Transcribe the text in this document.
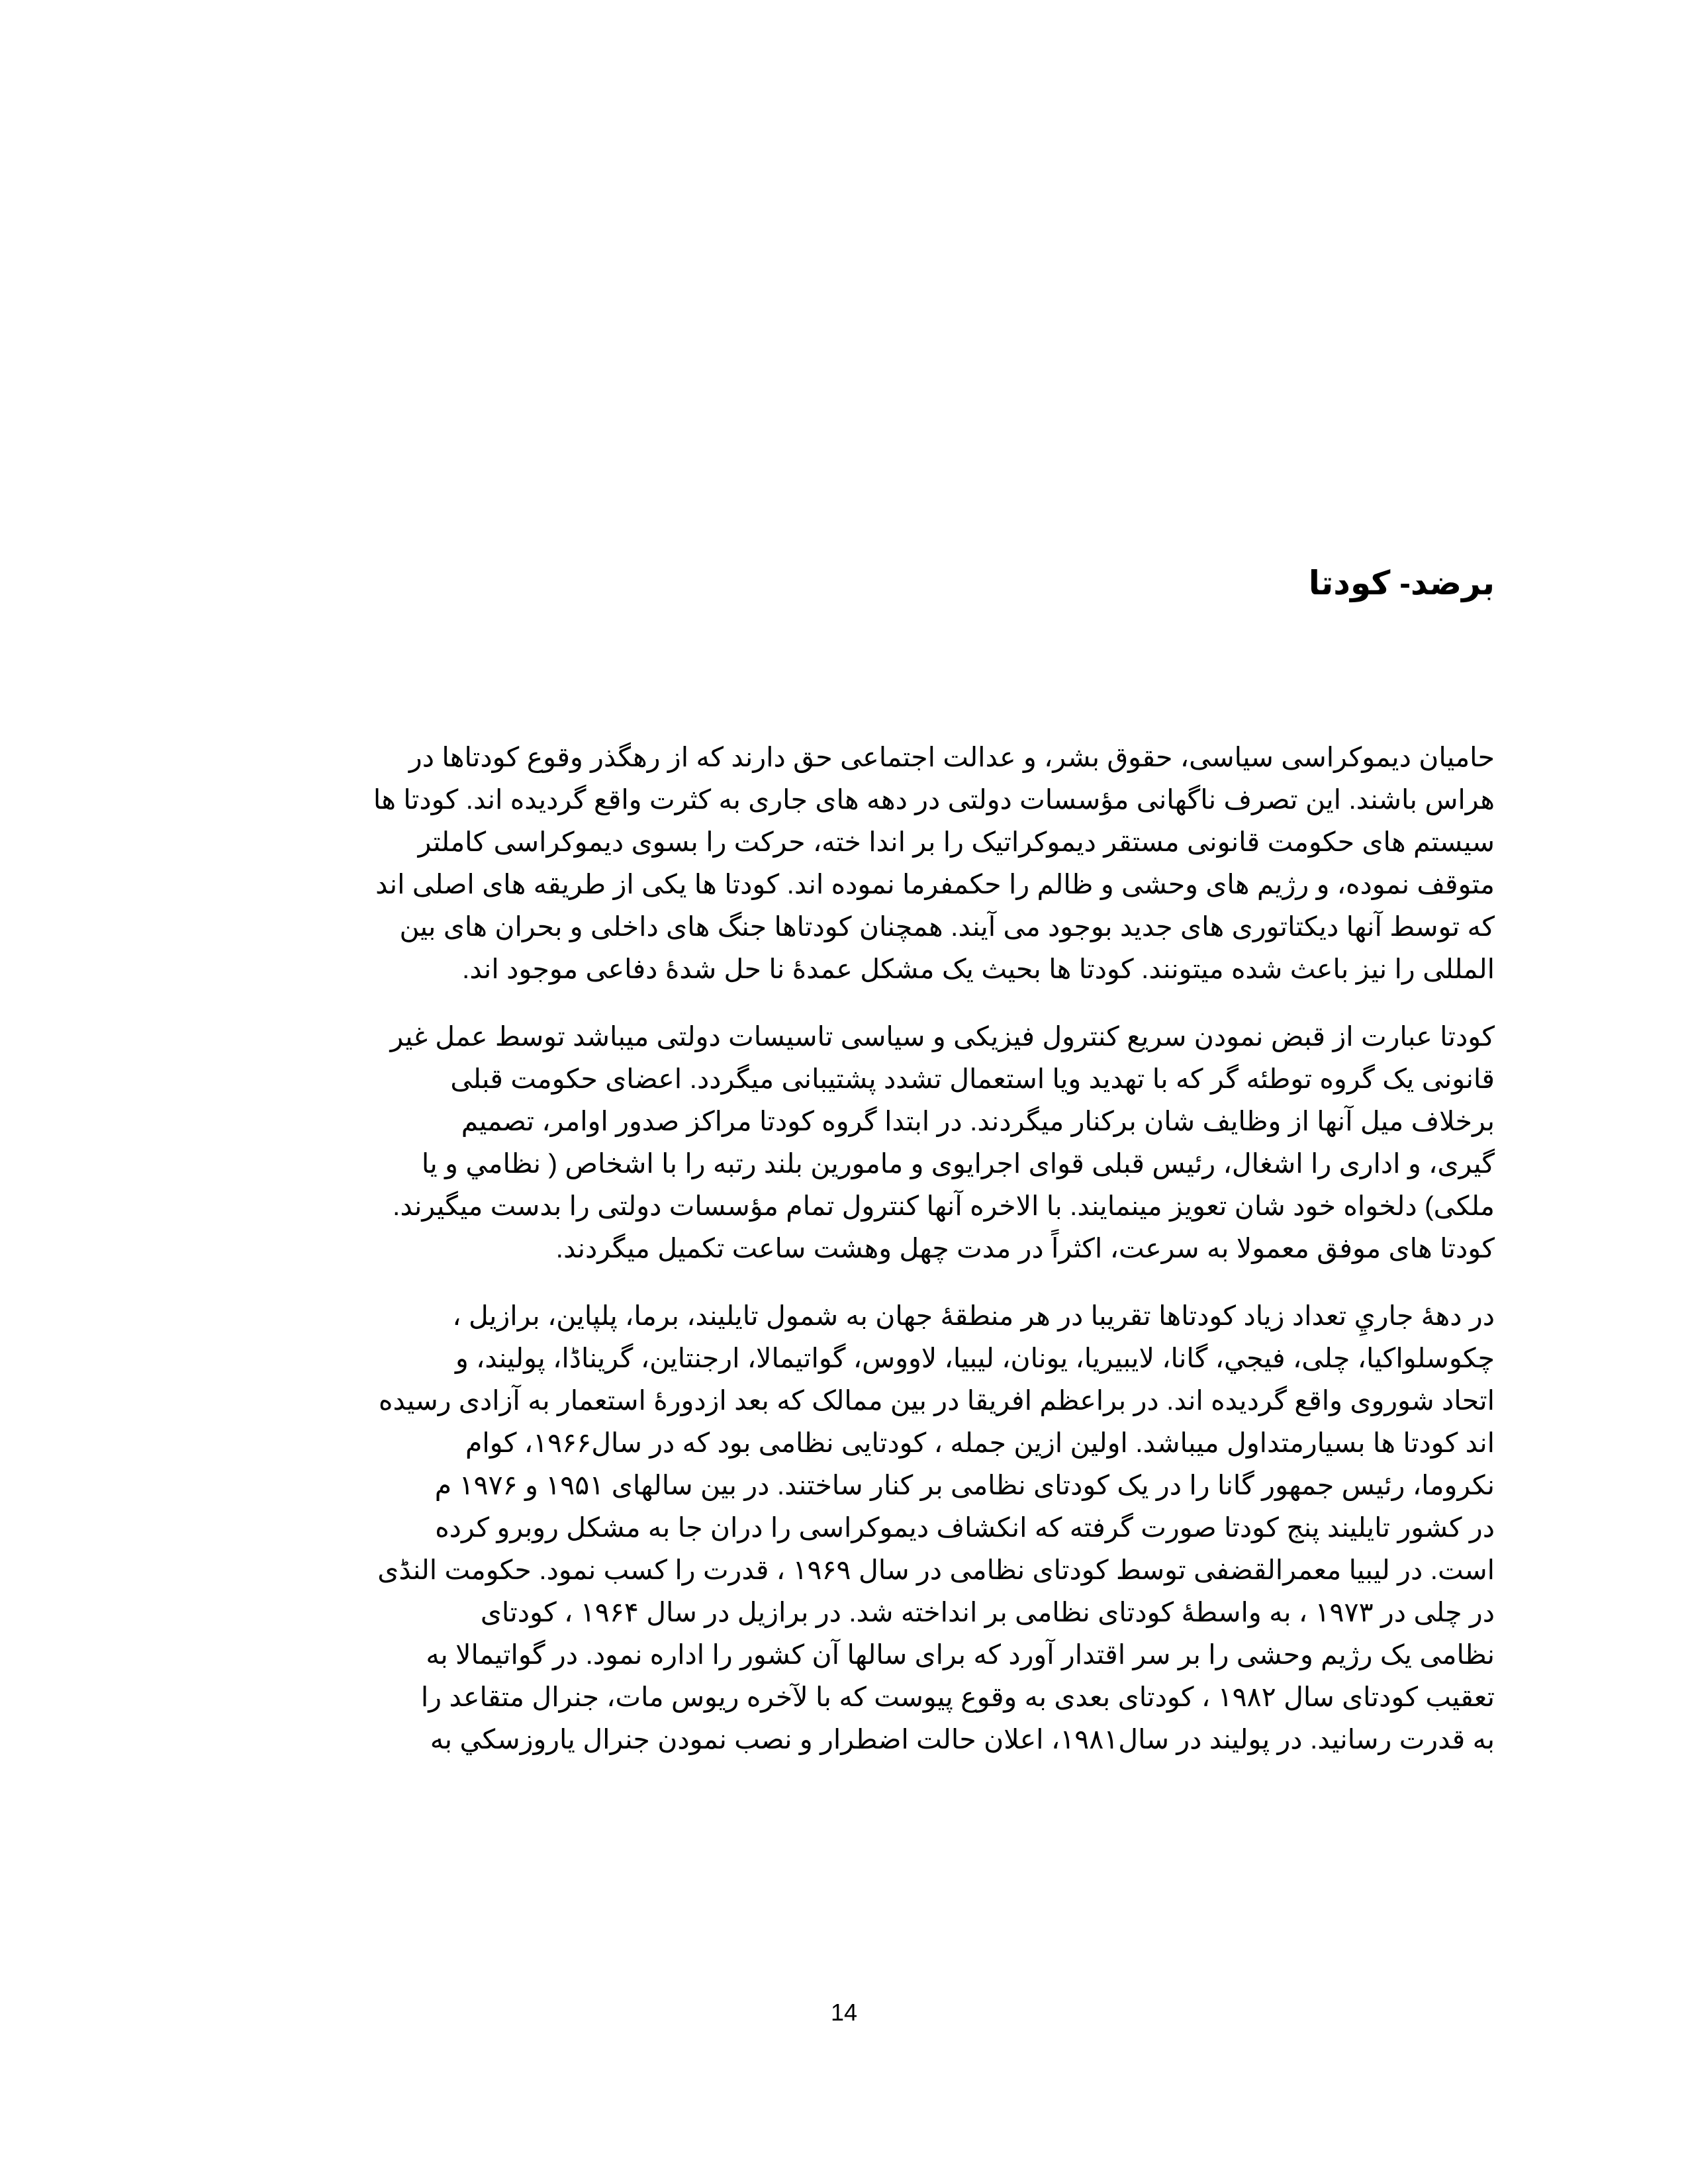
برضد- کودتا

حامیان دیموکراسی سیاسی، حقوق بشر، و عدالت اجتماعی حق دارند که از رهگذر وقوع کودتاها در
هراس باشند. این تصرف ناگهانی مؤسسات دولتی در دهه های جاری به کثرت واقع گردیده اند. کودتا ها
سیستم های حکومت قانونی مستقر دیموکراتیک را بر اندا خته، حرکت را بسوی دیموکراسی کاملتر
متوقف نموده، و رژیم های وحشی و ظالم را حکمفرما نموده اند. کودتا ها یکی از طریقه های اصلی اند
که توسط آنها دیکتاتوری های جدید بوجود می آیند. همچنان کودتاها جنگ های داخلی و بحران های بین
المللی را نیز باعث شده میتونند. کودتا ها بحیث یک مشکل عمدۀ نا حل شدۀ دفاعی موجود اند.

کودتا عبارت از قبض نمودن سریع کنترول فیزیکی و سیاسی تاسیسات دولتی میباشد توسط عمل غیر
قانونی یک گروه توطئه گر که با تهدید ویا استعمال تشدد پشتیبانی میگردد. اعضای حکومت قبلی
برخلاف میل آنها از وظایف شان برکنار میگردند. در ابتدا گروه کودتا مراکز صدور اوامر، تصمیم
گیری، و اداری را اشغال، رئیس قبلی قوای اجرایوی و مامورین بلند رتبه را با اشخاص ( نظامي و یا
ملکی) دلخواه خود شان تعویز مینمایند. با الاخره آنها کنترول تمام مؤسسات دولتی را بدست میگیرند.
کودتا های موفق معمولا به سرعت، اکثراً در مدت چهل وهشت ساعت تکمیل میگردند.

در دهۀ جاريِ تعداد زیاد کودتاها تقریبا در هر منطقۀ جهان به شمول تایلیند، برما، پلپاین، برازیل ،
چکوسلواکیا، چلی، فیجي، گانا، لایبیریا، یونان، لیبیا، لاووس، گواتیمالا، ارجنتاین، گریناڈا، پولیند، و
اتحاد شوروی واقع گردیده اند. در براعظم افریقا در بین ممالک که بعد ازدورۀ استعمار به آزادی رسیده
اند کودتا ها بسیارمتداول میباشد. اولین ازین جمله ، کودتایی نظامی بود که در سال۱۹۶۶، کوام
نکروما، رئیس جمهور گانا را در یک کودتای نظامی بر کنار ساختند. در بین سالهای ۱۹۵۱ و ۱۹۷۶ م
در کشور تایلیند پنج کودتا صورت گرفته که انکشاف دیموکراسی را دران جا به مشکل روبرو کرده
است. در لیبیا معمرالقضفی توسط کودتای نظامی در سال ۱۹۶۹ ، قدرت را کسب نمود. حکومت النڈی
در چلی در ۱۹۷۳ ، به واسطۀ کودتای نظامی بر انداخته شد. در برازیل در سال ۱۹۶۴ ، کودتای
نظامی یک رژیم وحشی را بر سر اقتدار آورد که برای سالها آن کشور را اداره نمود. در گواتیمالا به
تعقیب کودتای سال ۱۹۸۲ ، کودتای بعدی به وقوع پیوست که با لآخره ریوس مات، جنرال متقاعد را
به قدرت رسانید. در پولیند در سال۱۹۸۱، اعلان حالت اضطرار و نصب نمودن جنرال یاروزسکي به

14
